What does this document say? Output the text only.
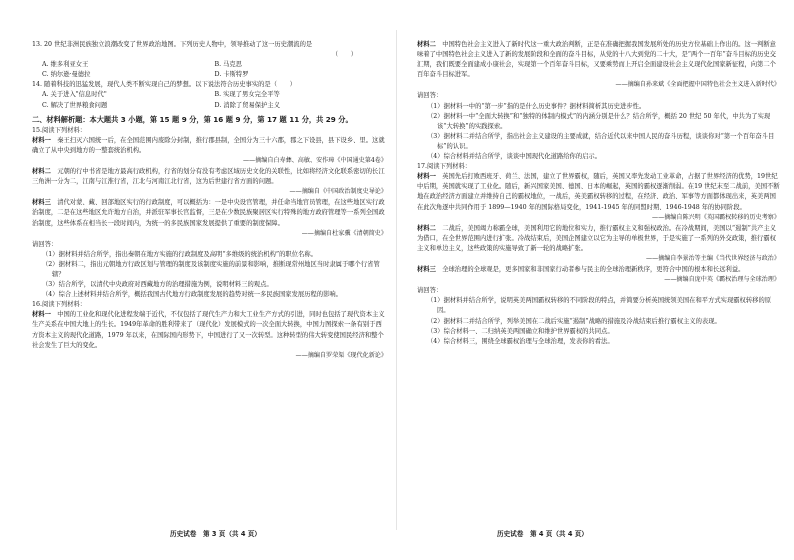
13. 20 世纪非洲民族独立浪潮改变了世界政治地图。下列历史人物中，领导推动了这一历史潮流的是

（　　）

A. 维多利亚女王	B. 马克思
C. 纳尔逊·曼德拉	D. 卡斯特罗

14. 随着科技的迅猛发展，现代人类不断实现自己的梦想。以下说法符合历史事实的是（　　）

A. 关于进入"信息时代"	B. 实现了男女完全平等
C. 解决了世界粮食问题	D. 消除了贸易保护主义

二、材料解析题：本大题共 3 小题，第 15 题 9 分，第 16 题 9 分，第 17 题 11 分，共 29 分。

15.阅读下列材料：

材料一　 秦王扫灭六国统一后，在全国范围内废除分封制，推行郡县制，全国分为三十六郡，郡之下设县，县下设乡、里。这就确立了从中央到地方的一整套统治机构。

——摘编自白寿彝、高敏、安作璋《中国通史第4卷》

材料二　 元朝的行中书省是地方最高行政机构，行省的划分有没有考虑区域历史文化的关联性，比如将经济文化联系密切的长江三角洲一分为二，江南与江淮行省，江北与河南江北行省，这为后世建行省方面的问题。

——摘编自《中国政治制度史导论》

材料三　 清代对蒙、藏、回部地区实行的行政制度，可以概括为：一是中央设官管理，并任命当地官员管理，在这些地区实行政治制度，二是在这些地区允许地方自治，并派驻军事长官监督，三是在少数民族聚居区实行特殊的地方政府管理等一系列全国政治制度，这些体系在相当长一段时间内，为统一的多民族国家发展提供了重要的制度保障。

——摘编自杜家骥《清朝简史》

请回答：

（1）据材料并结合所学，指出秦朝在地方实施的行政制度及高明“多维级的统治机构”的职位名称。

（2）据材料二，指出元朝地方行政区划与管理的制度及该制度实施的前景和影响，推断现常州地区当时隶属于哪个行省管辖？

（3）结合所学，以清代中央政府对西藏地方的治理措施为例，说明材料三的观点。

（4）综合上述材料并结合所学，概括我国古代地方行政制度发展的趋势对统一多民族国家发展历程的影响。

16.阅读下列材料：

材料一　 中国的工业化和现代化进程发端于近代，不仅包括了现代生产力和大工业生产方式的引进，同时也包括了现代资本主义生产关系在中国大地上的生长。1949年革命的胜利带来了（现代化）发展模式的一次全面大转换，中国力图探索一条有别于西方资本主义的现代化道路，1979 年以来，在国际国内形势下，中国进行了又一次转型。这种转型的伟大转变使国民经济和整个社会发生了巨大的变化。

——摘编自罗荣渠《现代化新论》

历史试卷　第 3 页（共 4 页）

材料二　 中国特色社会主义进入了新时代这一重大政治判断，正是在准确把握我国发展所处的历史方位基础上作出的。这一判断意味着了中国特色社会主义进入了新的发展阶段和全面的奋斗目标，从党的十八大到党的二十大，是“两个一百年”奋斗目标的历史交汇期，我们既要全面建成小康社会，实现第一个百年奋斗目标，又要乘势而上开启全面建设社会主义现代化国家新征程，向第二个百年奋斗目标进军。

——摘编自孙来斌《全面把握中国特色社会主义进入新时代》

请回答：

（1）据材料一中的“第一步”指的是什么历史事件？据材料简析其历史进步性。

（2）据材料一中“全面大转换”和“独特的体制内模式”的内涵分别是什么？结合所学，概括 20 世纪 50 年代，中共为了实现该“大转换”的实践探索。

（3）据材料二并结合所学，指出社会主义建设的主要成就，结合近代以来中国人民的奋斗历程，谈谈你对“第一个百年奋斗目标”的认识。

（4）综合材料并结合所学，谈谈中国现代化道路给你的启示。

17.阅读下列材料：

材料一　 英国先后打败西班牙、荷兰、法国，建立了世界霸权，随后，英国又率先发动工业革命，占据了世界经济的优势，19世纪中后期，英国就实现了工业化。随后，新兴国家美国、德国、日本的崛起，英国的霸权逐渐削弱。在19 世纪末至二战前，美国不断地在政治经济方面建立并维持自己的霸权地位，一战后，英美霸权转移的过程，在经济、政治、军事等方面都体现出来，英美两国在此次角逐中共同作用于 1899—1940 年的国际格局变化，1941-1945 年的同盟时期、1946-1948 年的协同阶段。

——摘编自陈兴明《英国霸权转移的历史考察》

材料二　 二战后，美国竭力称霸全球，美国利用它的地位和实力，推行霸权主义和强权政治。在冷战期间，美国以“遏制”共产主义为借口，在全世界范围内进行扩张。冷战结束后，美国企图建立以它为主导的单极世界，于是实施了一系列的外交政策，推行霸权主义和单边主义，这些政策的实施导致了新一轮的战略扩张。

——摘编自李景治等主编《当代世界经济与政治》

材料三　 全球治理的全球观是，更多国家和非国家行动者参与民主的全球治理新秩序，更符合中国的根本和长远利益。

——摘编自庞中英《霸权治理与全球治理》

请回答：

（1）据材料并结合所学，说明英美两国霸权转移的不同阶段的特点，并简要分析英国统领美国在和平方式实现霸权转移的原因。

（2）据材料二并结合所学，列举美国在二战后实施“遏制”战略的措施及冷战结束后推行霸权主义的表现。

（3）综合材料一、二归纳英美两国确立和维护世界霸权的共同点。

（4）综合材料三，围绕全球霸权治理与全球治理，发表你的看法。

历史试卷　第 4 页（共 4 页）
